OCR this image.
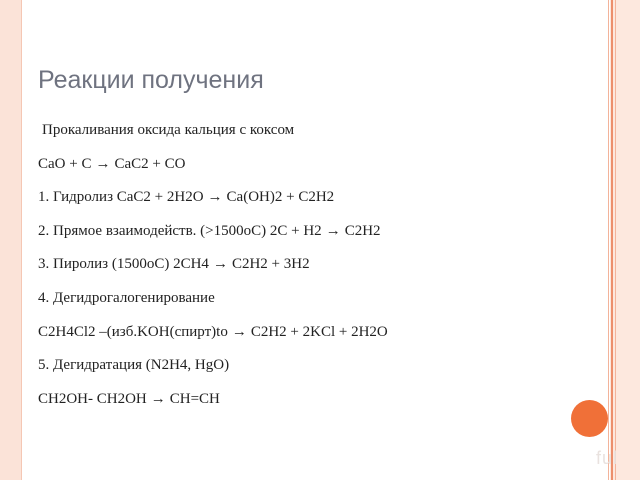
Реакции получения
Прокаливания оксида кальция с коксом
CaO + C → CaC2 + CO
1. Гидролиз CaC2 + 2H2O → Ca(OH)2 + C2H2
2. Прямое взаимодейств. (>1500оC) 2C + H2 → C2H2
3. Пиролиз (1500оC) 2CH4 → C2H2 + 3H2
4. Дегидрогалогенирование
C2H4Cl2 –(изб.KOH(спирт)to → C2H2 + 2KCl + 2H2O
5. Дегидратация (N2H4, HgO)
CH2OH- CH2OH → CH=CH
ful
